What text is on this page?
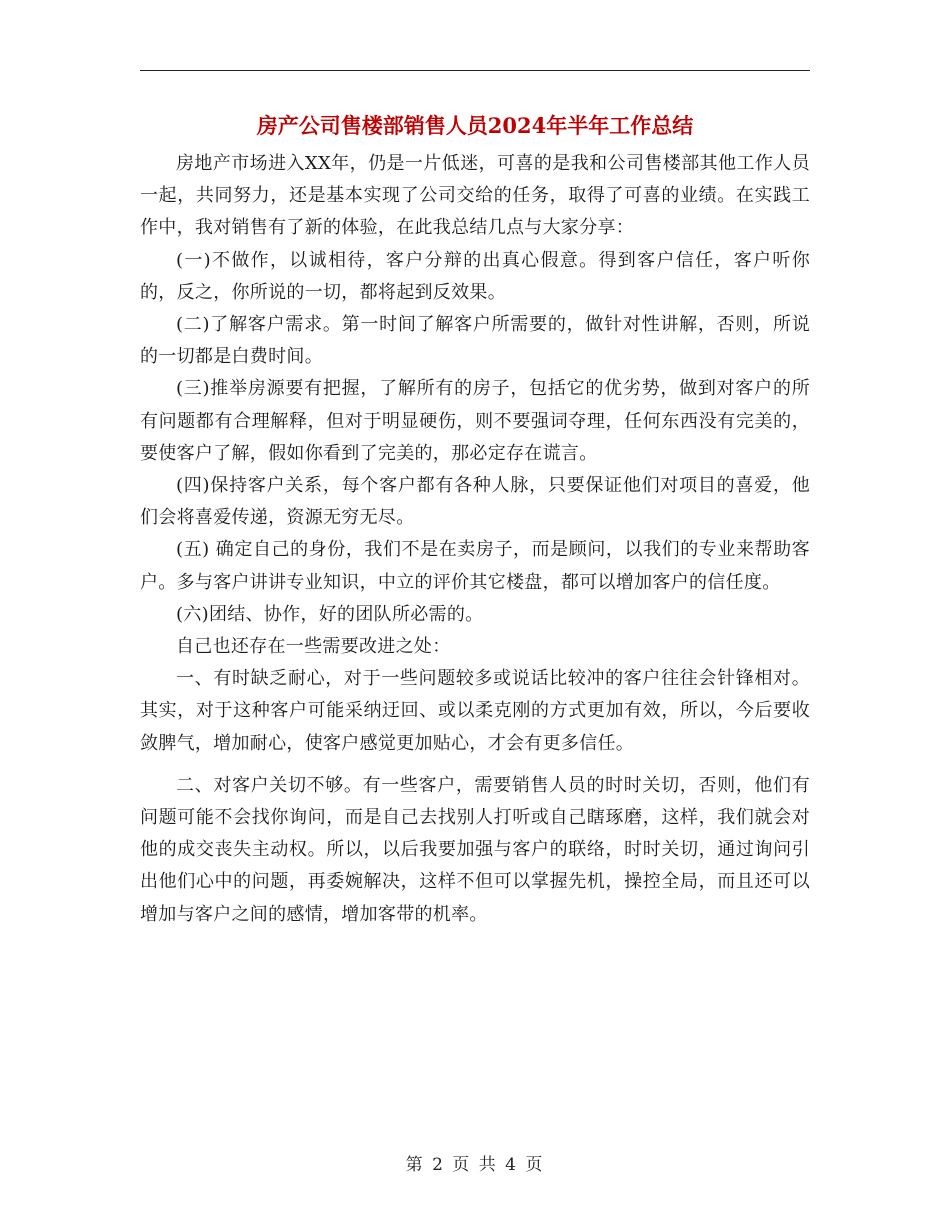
房产公司售楼部销售人员2024年半年工作总结

房地产市场进入XX年，仍是一片低迷，可喜的是我和公司售楼部其他工作人员一起，共同努力，还是基本实现了公司交给的任务，取得了可喜的业绩。在实践工作中，我对销售有了新的体验，在此我总结几点与大家分享：

(一)不做作，以诚相待，客户分辩的出真心假意。得到客户信任，客户听你的，反之，你所说的一切，都将起到反效果。

(二)了解客户需求。第一时间了解客户所需要的，做针对性讲解，否则，所说的一切都是白费时间。

(三)推举房源要有把握，了解所有的房子，包括它的优劣势，做到对客户的所有问题都有合理解释，但对于明显硬伤，则不要强词夺理，任何东西没有完美的，要使客户了解，假如你看到了完美的，那必定存在谎言。

(四)保持客户关系，每个客户都有各种人脉，只要保证他们对项目的喜爱，他们会将喜爱传递，资源无穷无尽。

(五) 确定自己的身份，我们不是在卖房子，而是顾问，以我们的专业来帮助客户。多与客户讲讲专业知识，中立的评价其它楼盘，都可以增加客户的信任度。

(六)团结、协作，好的团队所必需的。

自己也还存在一些需要改进之处：

一、有时缺乏耐心，对于一些问题较多或说话比较冲的客户往往会针锋相对。其实，对于这种客户可能采纳迂回、或以柔克刚的方式更加有效，所以，今后要收敛脾气，增加耐心，使客户感觉更加贴心，才会有更多信任。

二、对客户关切不够。有一些客户，需要销售人员的时时关切，否则，他们有问题可能不会找你询问，而是自己去找别人打听或自己瞎琢磨，这样，我们就会对他的成交丧失主动权。所以，以后我要加强与客户的联络，时时关切，通过询问引出他们心中的问题，再委婉解决，这样不但可以掌握先机，操控全局，而且还可以增加与客户之间的感情，增加客带的机率。

第 2 页 共 4 页
